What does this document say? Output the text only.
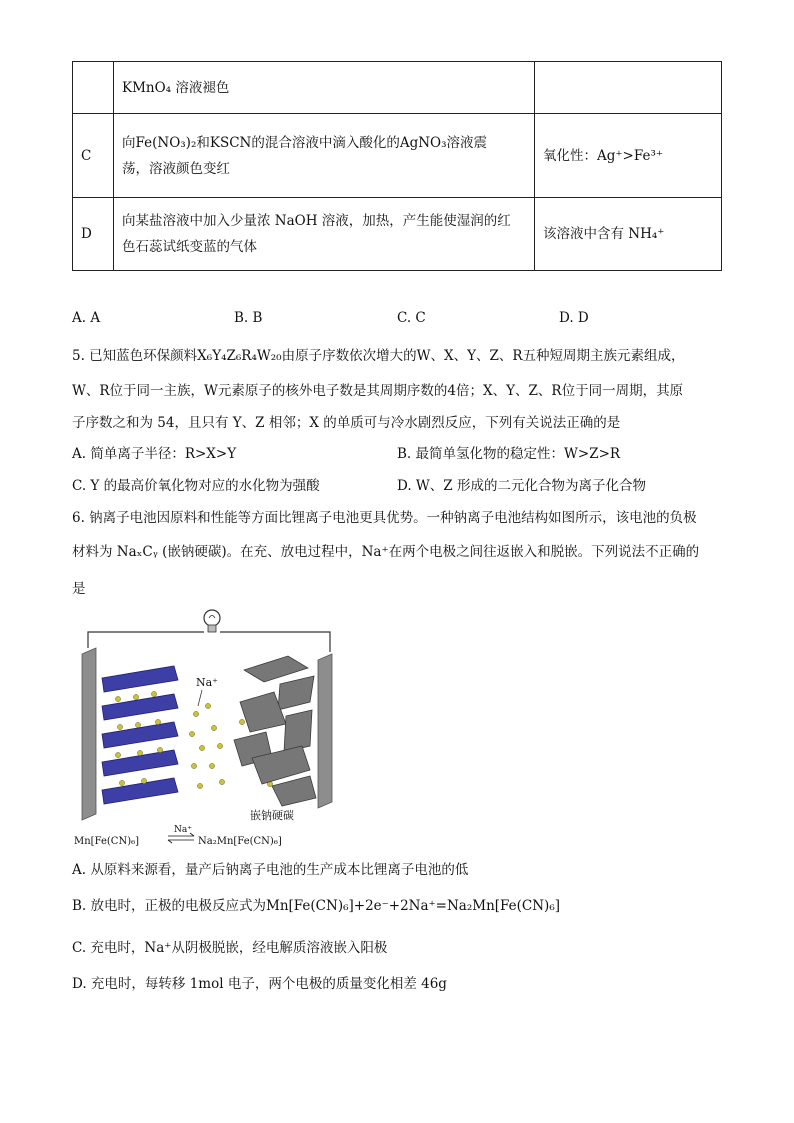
	KMnO₄ 溶液褪色	
C	向Fe(NO₃)₂和KSCN的混合溶液中滴入酸化的AgNO₃溶液震
荡，溶液颜色变红	氧化性：Ag⁺>Fe³⁺
D	向某盐溶液中加入少量浓 NaOH 溶液，加热，产生能使湿润的红
色石蕊试纸变蓝的气体	该溶液中含有 NH₄⁺
A. A	B. B	C. C	D. D
5. 已知蓝色环保颜料X₆Y₄Z₆R₄W₂₀由原子序数依次增大的W、X、Y、Z、R五种短周期主族元素组成，
W、R位于同一主族，W元素原子的核外电子数是其周期序数的4倍；X、Y、Z、R位于同一周期，其原
子序数之和为 54，且只有 Y、Z 相邻；X 的单质可与冷水剧烈反应，下列有关说法正确的是
A. 简单离子半径：R>X>Y	B. 最简单氢化物的稳定性：W>Z>R
C. Y 的最高价氧化物对应的水化物为强酸	D. W、Z 形成的二元化合物为离子化合物
6. 钠离子电池因原料和性能等方面比锂离子电池更具优势。一种钠离子电池结构如图所示，该电池的负极
材料为 NaₓCᵧ (嵌钠硬碳)。在充、放电过程中，Na⁺在两个电极之间往返嵌入和脱嵌。下列说法不正确的
是
Na⁺
嵌钠硬碳
Mn[Fe(CN)₆]
Na⁺
Na₂Mn[Fe(CN)₆]
A. 从原料来源看，量产后钠离子电池的生产成本比锂离子电池的低
B. 放电时，正极的电极反应式为Mn[Fe(CN)₆]+2e⁻+2Na⁺=Na₂Mn[Fe(CN)₆]
C. 充电时，Na⁺从阴极脱嵌，经电解质溶液嵌入阳极
D. 充电时，每转移 1mol 电子，两个电极的质量变化相差 46g
